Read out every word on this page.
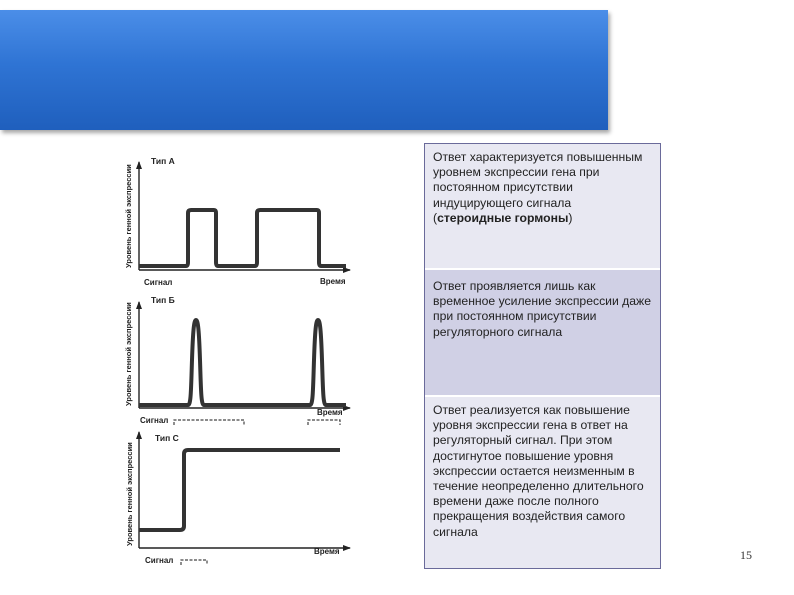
Тип А
Уровень генной экспрессии
Сигнал	Время
Тип Б
Уровень генной экспрессии
Сигнал
Время
Тип С
Уровень генной экспрессии
Сигнал
Время
Ответ характеризуется повышенным уровнем экспрессии гена при постоянном присутствии индуцирующего сигнала (стероидные гормоны)
Ответ проявляется лишь как временное усиление экспрессии даже при постоянном присутствии регуляторного сигнала
Ответ реализуется как повышение уровня экспрессии гена в ответ на регуляторный сигнал. При этом достигнутое повышение уровня экспрессии остается неизменным в течение неопределенно длительного времени даже после полного прекращения воздействия самого сигнала
15
